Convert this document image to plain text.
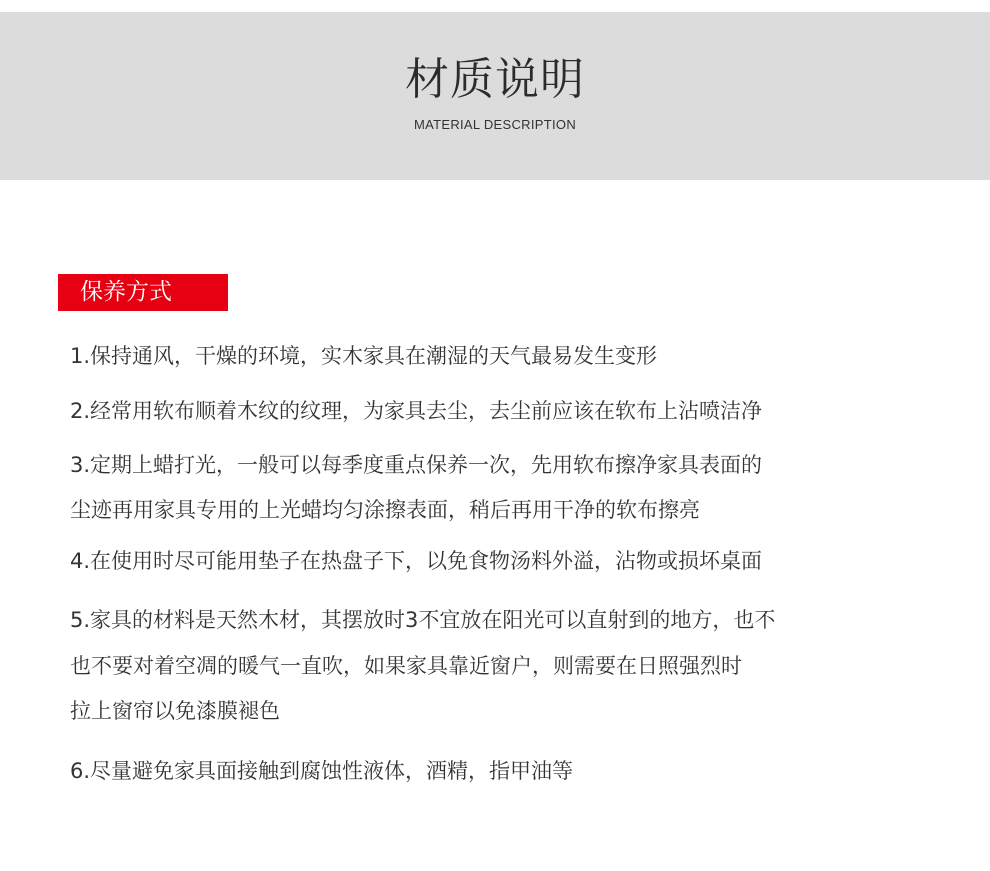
材质说明
MATERIAL DESCRIPTION
保养方式
1.保持通风，干燥的环境，实木家具在潮湿的天气最易发生变形
2.经常用软布顺着木纹的纹理，为家具去尘，去尘前应该在软布上沾喷洁净
3.定期上蜡打光，一般可以每季度重点保养一次，先用软布擦净家具表面的
尘迹再用家具专用的上光蜡均匀涂擦表面，稍后再用干净的软布擦亮
4.在使用时尽可能用垫子在热盘子下，以免食物汤料外溢，沾物或损坏桌面
5.家具的材料是天然木材，其摆放时3不宜放在阳光可以直射到的地方，也不
也不要对着空凋的暖气一直吹，如果家具靠近窗户，则需要在日照强烈时
拉上窗帘以免漆膜褪色
6.尽量避免家具面接触到腐蚀性液体，酒精，指甲油等
